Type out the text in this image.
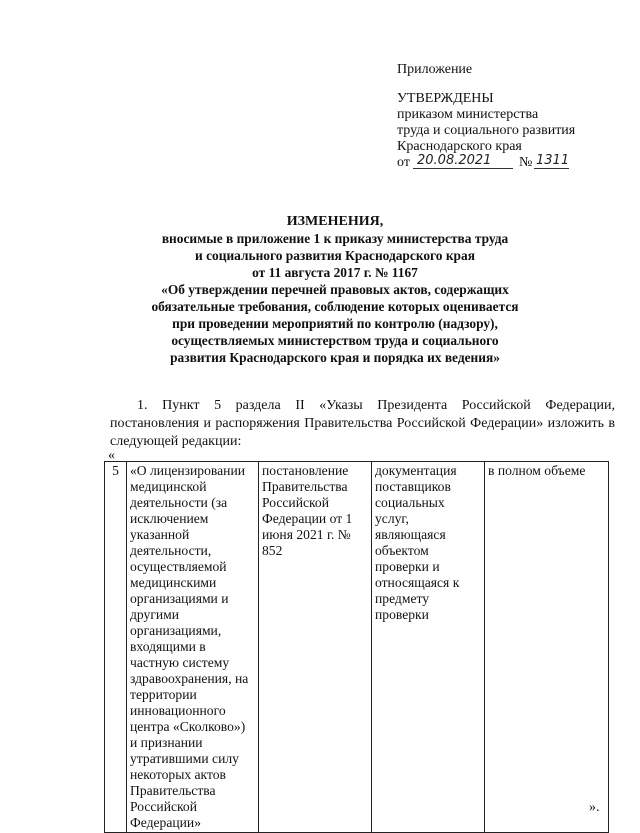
Приложение
УТВЕРЖДЕНЫ
приказом министерства
труда и социального развития
Краснодарского края
от 20.08.2021	№ 1311
ИЗМЕНЕНИЯ,
вносимые в приложение 1 к приказу министерства труда
и социального развития Краснодарского края
от 11 августа 2017 г. № 1167
«Об утверждении перечней правовых актов, содержащих
обязательные требования, соблюдение которых оценивается
при проведении мероприятий по контролю (надзору),
осуществляемых министерством труда и социального
развития Краснодарского края и порядка их ведения»
1. Пункт 5 раздела II «Указы Президента Российской Федерации, постановления и распоряжения Правительства Российской Федерации» изложить в следующей редакции:
«
5	«О лицензировании медицинской деятельности (за исключением указанной деятельности, осуществляемой медицинскими организациями и другими организациями, входящими в частную систему здравоохранения, на территории инновационного центра «Сколково») и признании утратившими силу некоторых актов Правительства Российской Федерации»	постановление Правительства Российской Федерации от 1 июня 2021 г. № 852	документация поставщиков социальных услуг, являющаяся объектом проверки и относящаяся к предмету проверки	в полном объеме
».
